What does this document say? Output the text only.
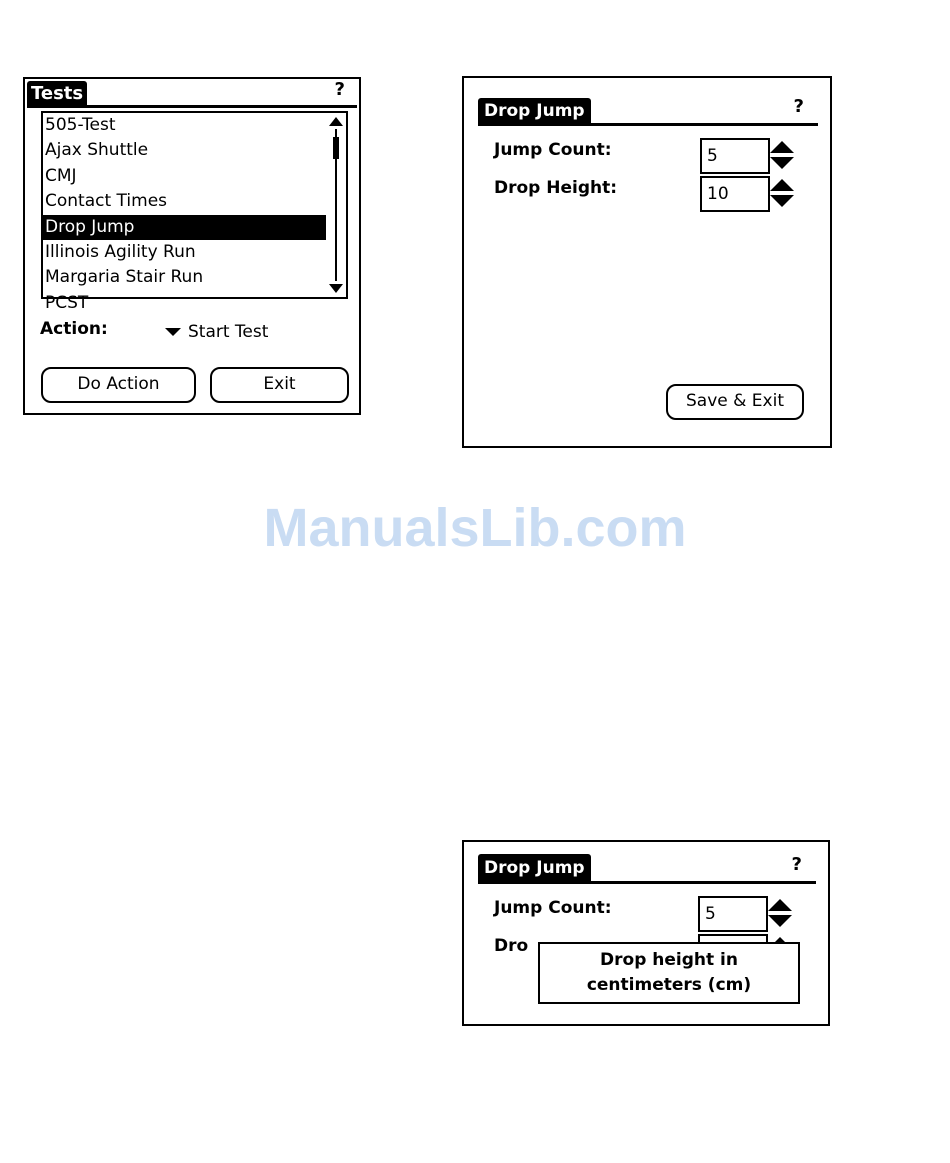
Tests	?
505-Test
Ajax Shuttle
CMJ
Contact Times
Drop Jump
Illinois Agility Run
Margaria Stair Run
PCST
Action:	Start Test
Do Action	Exit
Drop Jump	?
Jump Count:	5
Drop Height:	10
Save & Exit
ManualsLib.com
Drop Jump	?
Jump Count:	5
Dro
Drop height in
centimeters (cm)
